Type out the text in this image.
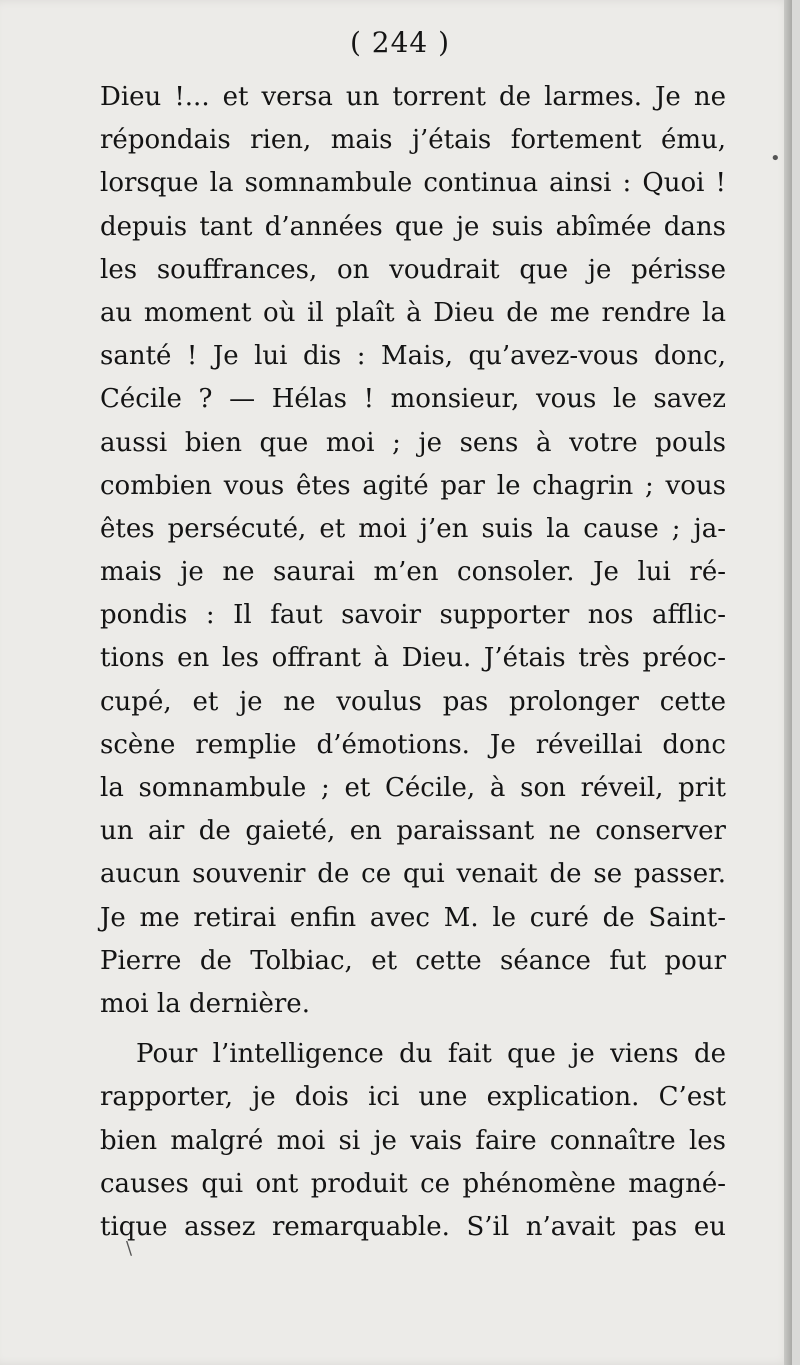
( 244 )
Dieu !... et versa un torrent de larmes. Je ne
répondais rien, mais j’étais fortement ému,
lorsque la somnambule continua ainsi : Quoi !
depuis tant d’années que je suis abîmée dans
les souffrances, on voudrait que je périsse
au moment où il plaît à Dieu de me rendre la
santé ! Je lui dis : Mais, qu’avez-vous donc,
Cécile ? — Hélas ! monsieur, vous le savez
aussi bien que moi ; je sens à votre pouls
combien vous êtes agité par le chagrin ; vous
êtes persécuté, et moi j’en suis la cause ; ja-
mais je ne saurai m’en consoler. Je lui ré-
pondis : Il faut savoir supporter nos afflic-
tions en les offrant à Dieu. J’étais très préoc-
cupé, et je ne voulus pas prolonger cette
scène remplie d’émotions. Je réveillai donc
la somnambule ; et Cécile, à son réveil, prit
un air de gaieté, en paraissant ne conserver
aucun souvenir de ce qui venait de se passer.
Je me retirai enfin avec M. le curé de Saint-
Pierre de Tolbiac, et cette séance fut pour
moi la dernière.
Pour l’intelligence du fait que je viens de
rapporter, je dois ici une explication. C’est
bien malgré moi si je vais faire connaître les
causes qui ont produit ce phénomène magné-
tique assez remarquable. S’il n’avait pas eu
•
\
